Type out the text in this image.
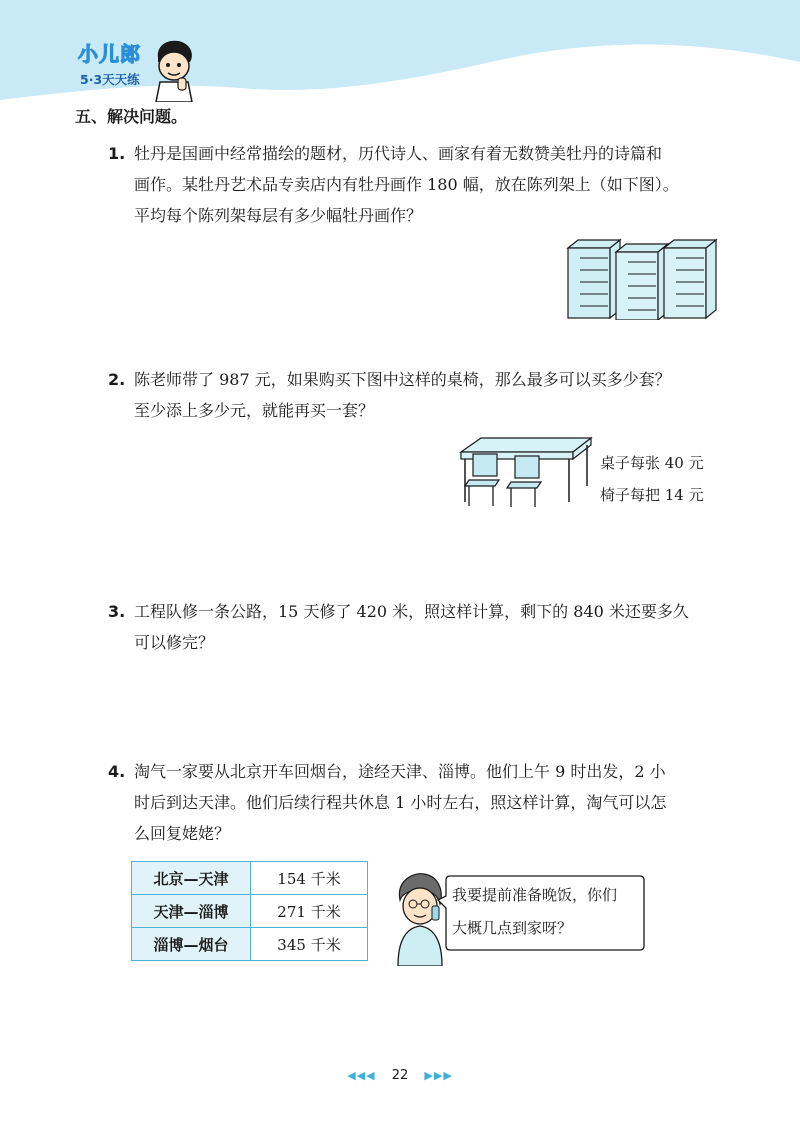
小儿郎
5·3天天练
五、解决问题。
1. 牡丹是国画中经常描绘的题材，历代诗人、画家有着无数赞美牡丹的诗篇和
画作。某牡丹艺术品专卖店内有牡丹画作 180 幅，放在陈列架上（如下图）。
平均每个陈列架每层有多少幅牡丹画作？
2. 陈老师带了 987 元，如果购买下图中这样的桌椅，那么最多可以买多少套？
至少添上多少元，就能再买一套？
桌子每张 40 元
椅子每把 14 元
3. 工程队修一条公路，15 天修了 420 米，照这样计算，剩下的 840 米还要多久
可以修完？
4. 淘气一家要从北京开车回烟台，途经天津、淄博。他们上午 9 时出发，2 小
时后到达天津。他们后续行程共休息 1 小时左右，照这样计算，淘气可以怎
么回复姥姥？
北京—天津	154 千米
天津—淄博	271 千米
淄博—烟台	345 千米
我要提前准备晚饭，你们
大概几点到家呀？
◀◀◀ 22 ▶▶▶
